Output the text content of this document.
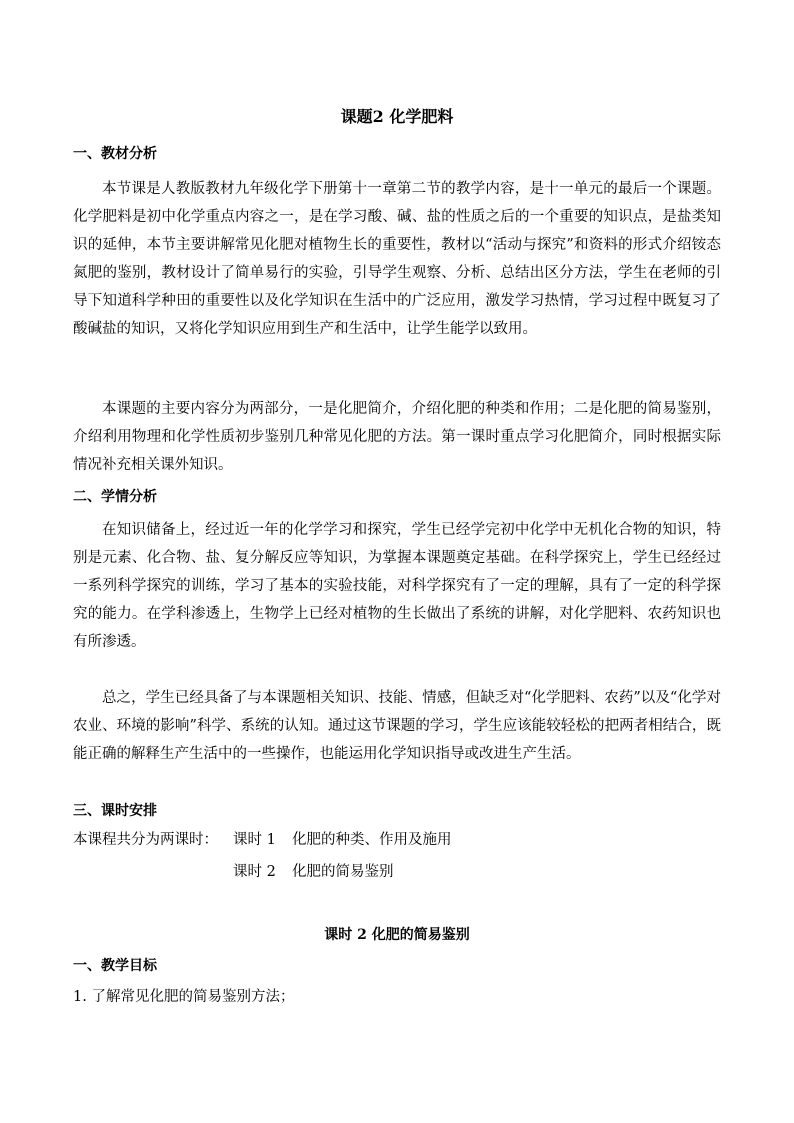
课题2 化学肥料
一、教材分析

本节课是人教版教材九年级化学下册第十一章第二节的教学内容，是十一单元的最后一个课题。化学肥料是初中化学重点内容之一，是在学习酸、碱、盐的性质之后的一个重要的知识点，是盐类知识的延伸，本节主要讲解常见化肥对植物生长的重要性，教材以“活动与探究”和资料的形式介绍铵态氮肥的鉴别，教材设计了简单易行的实验，引导学生观察、分析、总结出区分方法，学生在老师的引导下知道科学种田的重要性以及化学知识在生活中的广泛应用，激发学习热情，学习过程中既复习了酸碱盐的知识，又将化学知识应用到生产和生活中，让学生能学以致用。

本课题的主要内容分为两部分，一是化肥简介，介绍化肥的种类和作用；二是化肥的简易鉴别，介绍利用物理和化学性质初步鉴别几种常见化肥的方法。第一课时重点学习化肥简介，同时根据实际情况补充相关课外知识。

二、学情分析

在知识储备上，经过近一年的化学学习和探究，学生已经学完初中化学中无机化合物的知识，特别是元素、化合物、盐、复分解反应等知识，为掌握本课题奠定基础。在科学探究上，学生已经经过一系列科学探究的训练，学习了基本的实验技能，对科学探究有了一定的理解，具有了一定的科学探究的能力。在学科渗透上，生物学上已经对植物的生长做出了系统的讲解，对化学肥料、农药知识也有所渗透。

总之，学生已经具备了与本课题相关知识、技能、情感，但缺乏对“化学肥料、农药”以及“化学对农业、环境的影响”科学、系统的认知。通过这节课题的学习，学生应该能较轻松的把两者相结合，既能正确的解释生产生活中的一些操作，也能运用化学知识指导或改进生产生活。

三、课时安排
本课程共分为两课时： 课时 1 化肥的种类、作用及施用
课时 2 化肥的简易鉴别
课时 2 化肥的简易鉴别
一、教学目标
1. 了解常见化肥的简易鉴别方法；
